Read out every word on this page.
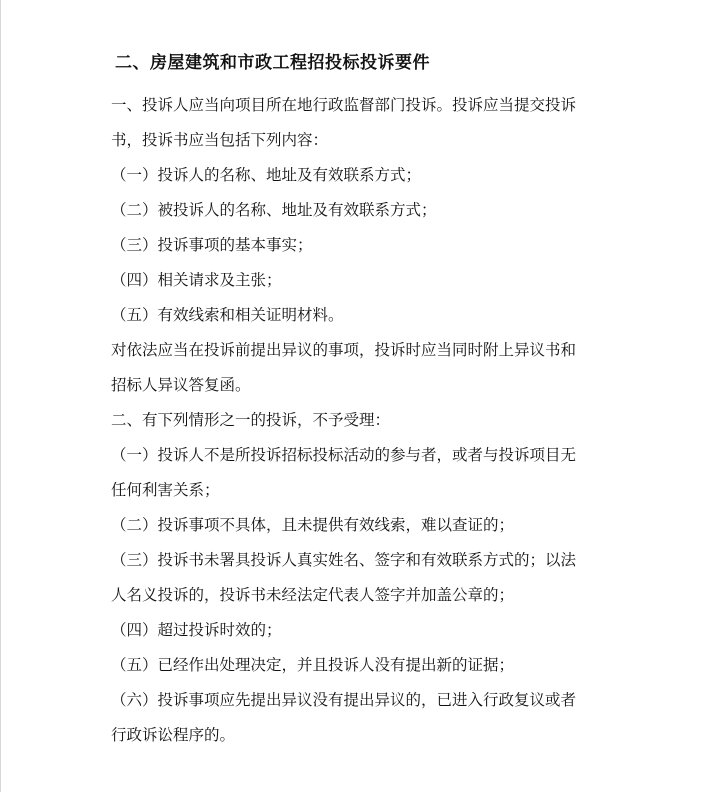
二、房屋建筑和市政工程招投标投诉要件

一、投诉人应当向项目所在地行政监督部门投诉。投诉应当提交投诉

书，投诉书应当包括下列内容：

（一）投诉人的名称、地址及有效联系方式；

（二）被投诉人的名称、地址及有效联系方式；

（三）投诉事项的基本事实；

（四）相关请求及主张；

（五）有效线索和相关证明材料。

对依法应当在投诉前提出异议的事项，投诉时应当同时附上异议书和

招标人异议答复函。

二、有下列情形之一的投诉，不予受理：

（一）投诉人不是所投诉招标投标活动的参与者，或者与投诉项目无

任何利害关系；

（二）投诉事项不具体，且未提供有效线索，难以查证的；

（三）投诉书未署具投诉人真实姓名、签字和有效联系方式的；以法

人名义投诉的，投诉书未经法定代表人签字并加盖公章的；

（四）超过投诉时效的；

（五）已经作出处理决定，并且投诉人没有提出新的证据；

（六）投诉事项应先提出异议没有提出异议的，已进入行政复议或者

行政诉讼程序的。
